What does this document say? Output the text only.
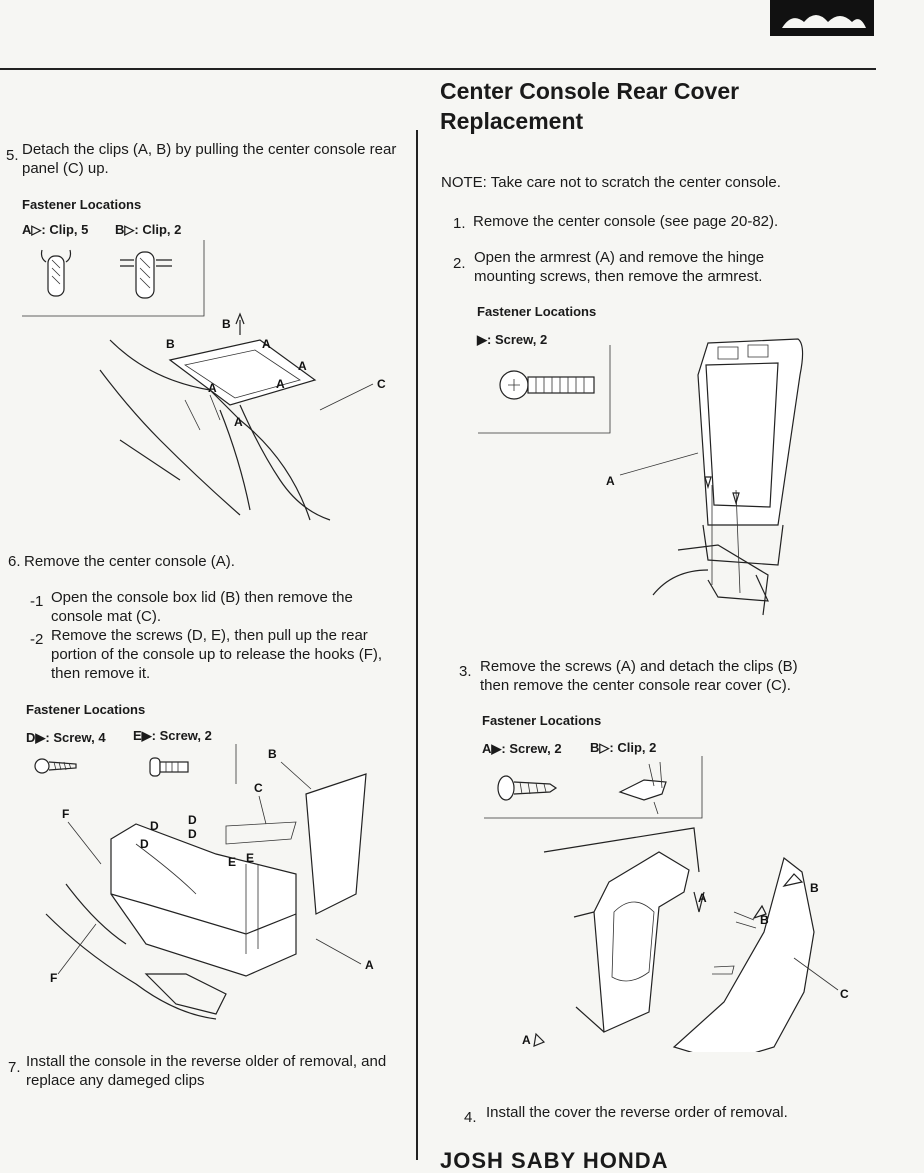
Center Console Rear Cover Replacement
5. Detach the clips (A, B) by pulling the center console rear panel (C) up.
Fastener Locations
A▷: Clip, 5 B▷: Clip, 2
B
B	A
A
A	A
A
C
6. Remove the center console (A).
-1 Open the console box lid (B) then remove the console mat (C).
-2 Remove the screws (D, E), then pull up the rear portion of the console up to release the hooks (F), then remove it.
Fastener Locations
D▶: Screw, 4 E▶: Screw, 2
F
F
D
D
D
D
E E
B
C
A
7. Install the console in the reverse older of removal, and replace any dameged clips
NOTE: Take care not to scratch the center console.
1. Remove the center console (see page 20-82).
2. Open the armrest (A) and remove the hinge mounting screws, then remove the armrest.
Fastener Locations
▶: Screw, 2
A
3. Remove the screws (A) and detach the clips (B) then remove the center console rear cover (C).
Fastener Locations
A▶: Screw, 2 B▷: Clip, 2
A
A
B
B
C
4. Install the cover the reverse order of removal.
JOSH SABY HONDA
